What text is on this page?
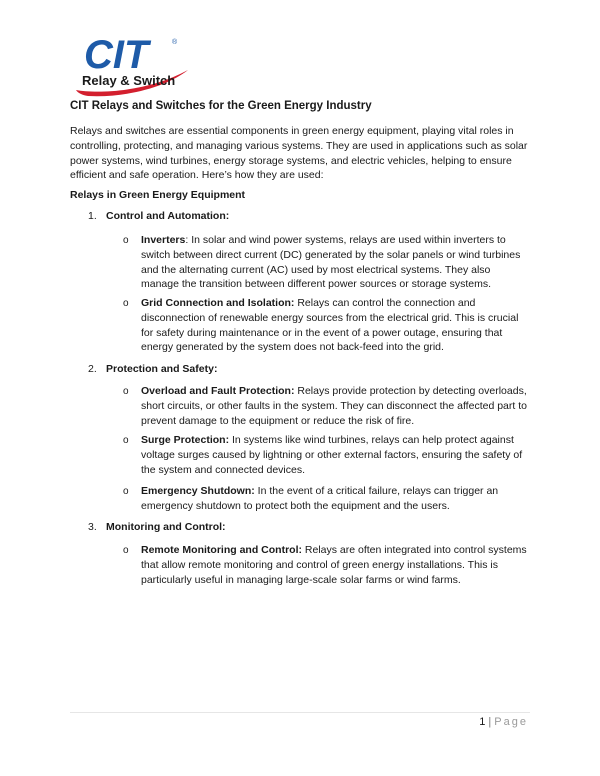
CIT	®
Relay & Switch
CIT Relays and Switches for the Green Energy Industry

Relays and switches are essential components in green energy equipment, playing vital roles in controlling, protecting, and managing various systems. They are used in applications such as solar power systems, wind turbines, energy storage systems, and electric vehicles, helping to ensure efficient and safe operation. Here’s how they are used:

Relays in Green Energy Equipment

1. Control and Automation:

o Inverters: In solar and wind power systems, relays are used within inverters to switch between direct current (DC) generated by the solar panels or wind turbines and the alternating current (AC) used by most electrical systems. They also manage the transition between different power sources or storage systems.

o Grid Connection and Isolation: Relays can control the connection and disconnection of renewable energy sources from the electrical grid. This is crucial for safety during maintenance or in the event of a power outage, ensuring that energy generated by the system does not back-feed into the grid.

2. Protection and Safety:

o Overload and Fault Protection: Relays provide protection by detecting overloads, short circuits, or other faults in the system. They can disconnect the affected part to prevent damage to the equipment or reduce the risk of fire.

o Surge Protection: In systems like wind turbines, relays can help protect against voltage surges caused by lightning or other external factors, ensuring the safety of the system and connected devices.

o Emergency Shutdown: In the event of a critical failure, relays can trigger an emergency shutdown to protect both the equipment and the users.

3. Monitoring and Control:

o Remote Monitoring and Control: Relays are often integrated into control systems that allow remote monitoring and control of green energy installations. This is particularly useful in managing large-scale solar farms or wind farms.

1 | Page
